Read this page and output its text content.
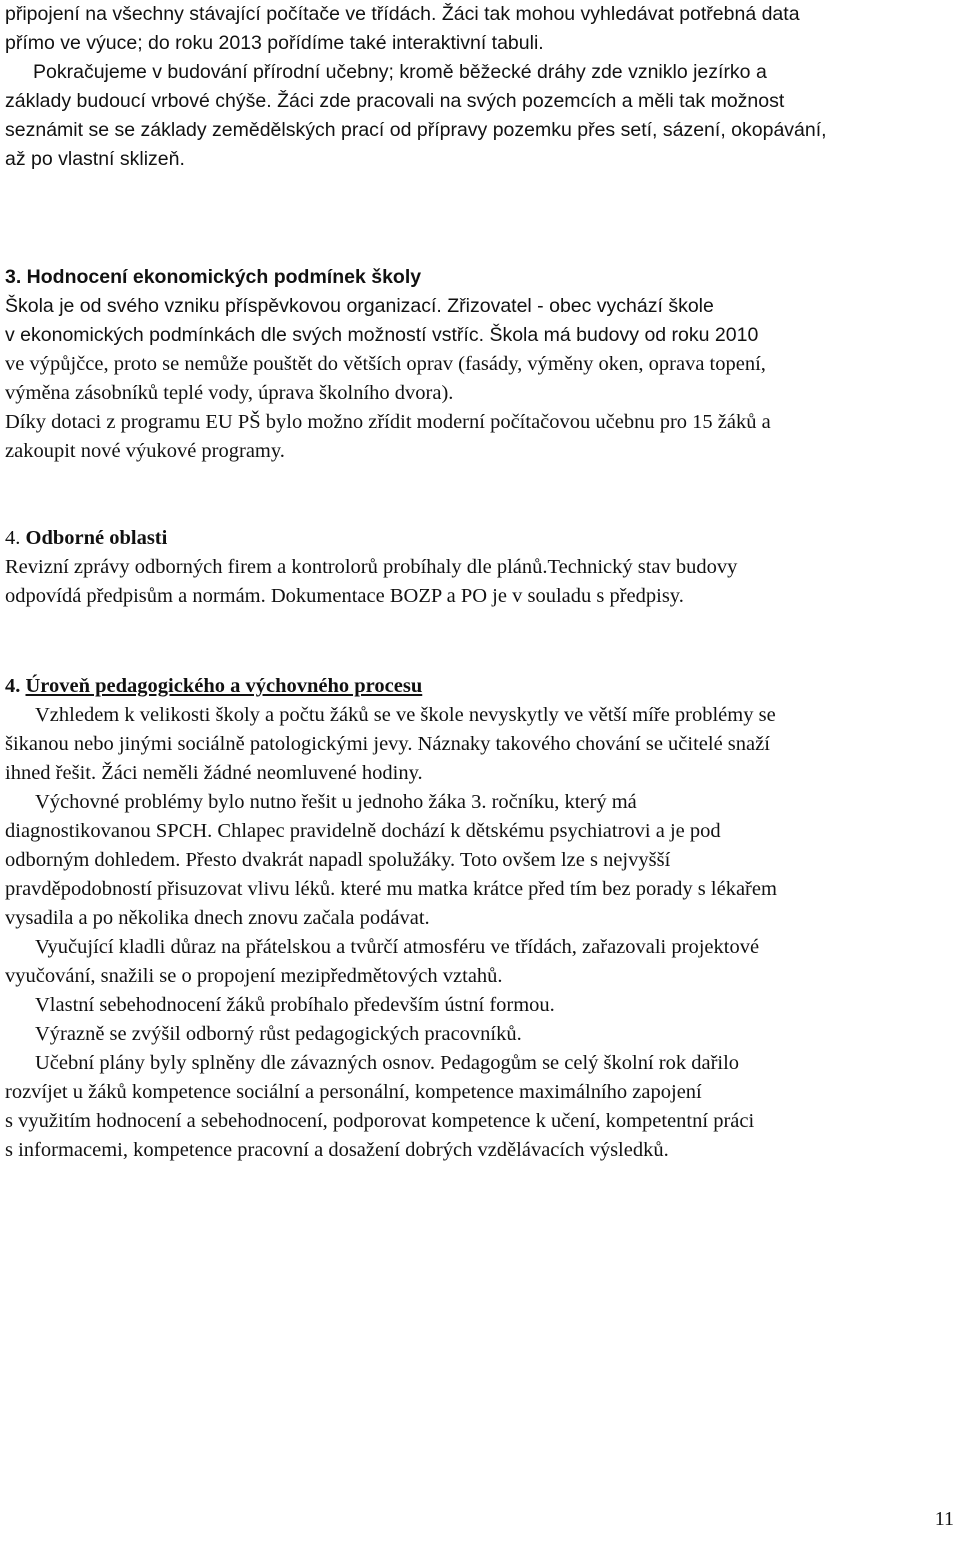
připojení na všechny stávající počítače ve třídách. Žáci tak mohou vyhledávat potřebná data
přímo ve výuce; do roku 2013 pořídíme také interaktivní tabuli.
Pokračujeme v budování přírodní učebny; kromě běžecké dráhy zde vzniklo jezírko a
základy budoucí vrbové chýše. Žáci zde pracovali na svých pozemcích a měli tak možnost
seznámit se se základy zemědělských prací od přípravy pozemku přes setí, sázení, okopávání,
až po vlastní sklizeň.
3. Hodnocení ekonomických podmínek školy
Škola je od svého vzniku příspěvkovou organizací. Zřizovatel - obec vychází škole
v ekonomických podmínkách dle svých možností vstříc. Škola má budovy od roku 2010
ve výpůjčce, proto se nemůže pouštět do větších oprav (fasády, výměny oken, oprava topení,
výměna zásobníků teplé vody, úprava školního dvora).
Díky dotaci z programu EU PŠ bylo možno zřídit moderní počítačovou učebnu pro 15 žáků a
zakoupit nové výukové programy.
4. Odborné oblasti
Revizní zprávy odborných firem a kontrolorů probíhaly dle plánů.Technický stav budovy
odpovídá předpisům a normám. Dokumentace BOZP a PO je v souladu s předpisy.
4. Úroveň pedagogického a výchovného procesu
Vzhledem k velikosti školy a počtu žáků se ve škole nevyskytly ve větší míře problémy se
šikanou nebo jinými sociálně patologickými jevy. Náznaky takového chování se učitelé snaží
ihned řešit. Žáci neměli žádné neomluvené hodiny.
Výchovné problémy bylo nutno řešit u jednoho žáka 3. ročníku, který má
diagnostikovanou SPCH. Chlapec pravidelně dochází k dětskému psychiatrovi a je pod
odborným dohledem. Přesto dvakrát napadl spolužáky. Toto ovšem lze s nejvyšší
pravděpodobností přisuzovat vlivu léků. které mu matka krátce před tím bez porady s lékařem
vysadila a po několika dnech znovu začala podávat.
Vyučující kladli důraz na přátelskou a tvůrčí atmosféru ve třídách, zařazovali projektové
vyučování, snažili se o propojení mezipředmětových vztahů.
Vlastní sebehodnocení žáků probíhalo především ústní formou.
Výrazně se zvýšil odborný růst pedagogických pracovníků.
Učební plány byly splněny dle závazných osnov. Pedagogům se celý školní rok dařilo
rozvíjet u žáků kompetence sociální a personální, kompetence maximálního zapojení
s využitím hodnocení a sebehodnocení, podporovat kompetence k učení, kompetentní práci
s informacemi, kompetence pracovní a dosažení dobrých vzdělávacích výsledků.
11
